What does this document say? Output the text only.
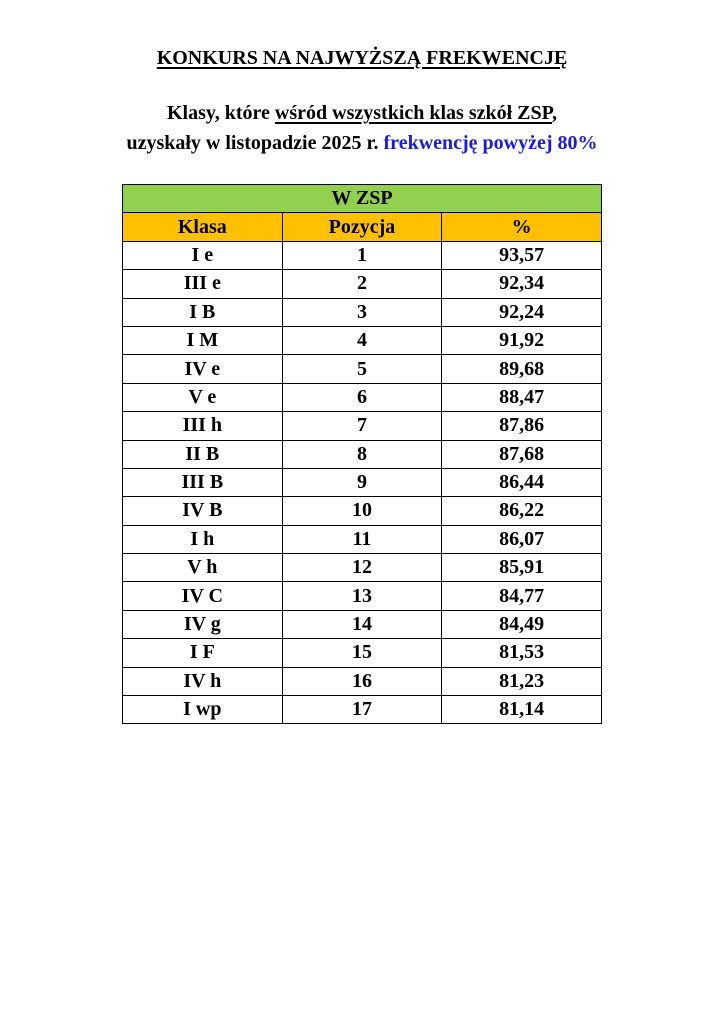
KONKURS NA NAJWYŻSZĄ FREKWENCJĘ
Klasy, które wśród wszystkich klas szkół ZSP,
uzyskały w listopadzie 2025 r. frekwencję powyżej 80%
W ZSP		
Klasa	Pozycja	%
I e	1	93,57
III e	2	92,34
I B	3	92,24
I M	4	91,92
IV e	5	89,68
V e	6	88,47
III h	7	87,86
II B	8	87,68
III B	9	86,44
IV B	10	86,22
I h	11	86,07
V h	12	85,91
IV C	13	84,77
IV g	14	84,49
I F	15	81,53
IV h	16	81,23
I wp	17	81,14
